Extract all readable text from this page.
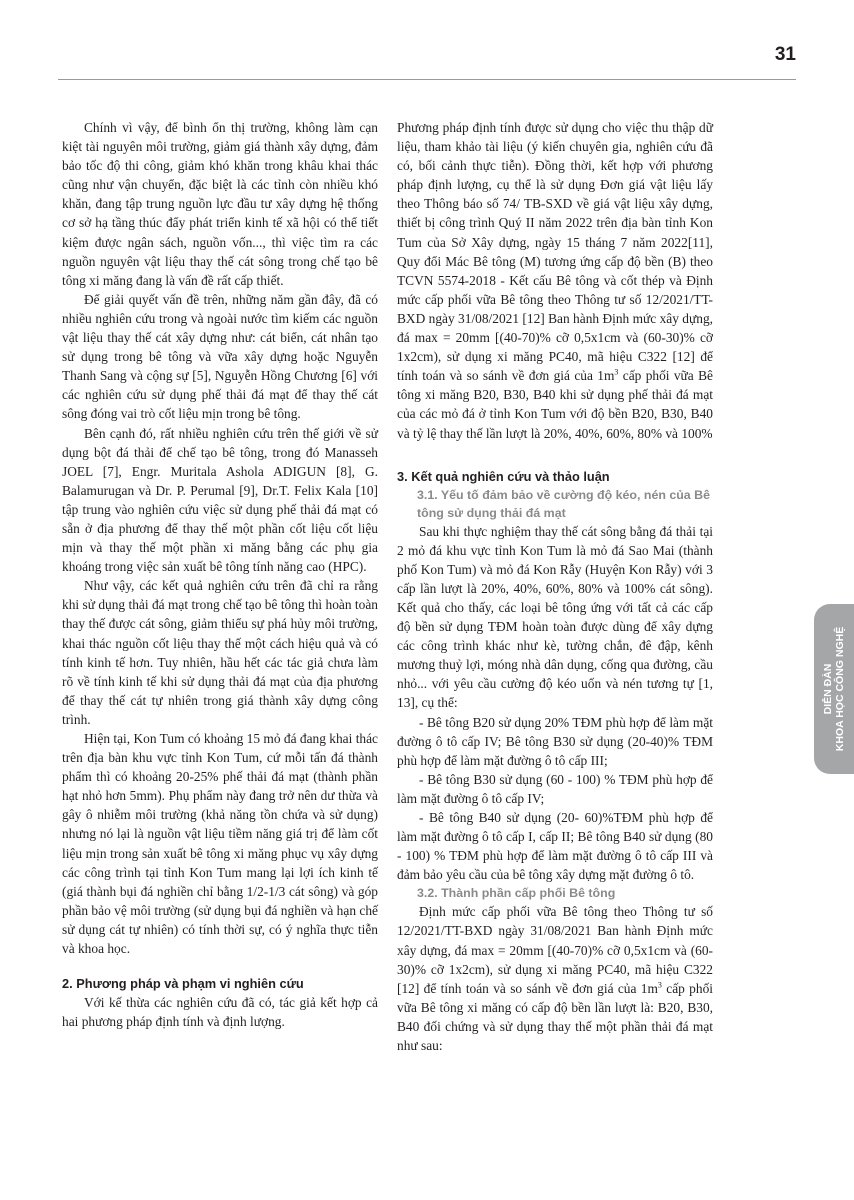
31

Chính vì vậy, để bình ổn thị trường, không làm cạn kiệt tài nguyên môi trường, giảm giá thành xây dựng, đảm bảo tốc độ thi công, giảm khó khăn trong khâu khai thác cũng như vận chuyển, đặc biệt là các tỉnh còn nhiều khó khăn, đang tập trung nguồn lực đầu tư xây dựng hệ thống cơ sở hạ tầng thúc đẩy phát triển kinh tế xã hội có thể tiết kiệm được ngân sách, nguồn vốn..., thì việc tìm ra các nguồn nguyên vật liệu thay thế cát sông trong chế tạo bê tông xi măng đang là vấn đề rất cấp thiết.

Để giải quyết vấn đề trên, những năm gần đây, đã có nhiều nghiên cứu trong và ngoài nước tìm kiếm các nguồn vật liệu thay thế cát xây dựng như: cát biển, cát nhân tạo sử dụng trong bê tông và vữa xây dựng hoặc Nguyễn Thanh Sang và cộng sự [5], Nguyễn Hồng Chương [6] với các nghiên cứu sử dụng phế thải đá mạt để thay thế cát sông đóng vai trò cốt liệu mịn trong bê tông.

Bên cạnh đó, rất nhiều nghiên cứu trên thế giới về sử dụng bột đá thải để chế tạo bê tông, trong đó Manasseh JOEL [7], Engr. Muritala Ashola ADIGUN [8], G. Balamurugan và Dr. P. Perumal [9], Dr.T. Felix Kala [10] tập trung vào nghiên cứu việc sử dụng phế thải đá mạt có sẵn ở địa phương để thay thế một phần cốt liệu cốt liệu mịn và thay thế một phần xi măng bằng các phụ gia khoáng trong việc sản xuất bê tông tính năng cao (HPC).

Như vậy, các kết quả nghiên cứu trên đã chỉ ra rằng khi sử dụng thải đá mạt trong chế tạo bê tông thì hoàn toàn thay thế được cát sông, giảm thiểu sự phá hủy môi trường, khai thác nguồn cốt liệu thay thế một cách hiệu quả và có tính kinh tế hơn. Tuy nhiên, hầu hết các tác giả chưa làm rõ về tính kinh tế khi sử dụng thải đá mạt của địa phương để thay thế cát tự nhiên trong giá thành xây dựng công trình.

Hiện tại, Kon Tum có khoảng 15 mỏ đá đang khai thác trên địa bàn khu vực tỉnh Kon Tum, cứ mỗi tấn đá thành phẩm thì có khoảng 20-25% phế thải đá mạt (thành phần hạt nhỏ hơn 5mm). Phụ phẩm này đang trở nên dư thừa và gây ô nhiễm môi trường (khả năng tồn chứa và sử dụng) nhưng nó lại là nguồn vật liệu tiềm năng giá trị để làm cốt liệu mịn trong sản xuất bê tông xi măng phục vụ xây dựng các công trình tại tỉnh Kon Tum mang lại lợi ích kinh tế (giá thành bụi đá nghiền chỉ bằng 1/2-1/3 cát sông) và góp phần bảo vệ môi trường (sử dụng bụi đá nghiền và hạn chế sử dụng cát tự nhiên) có tính thời sự, có ý nghĩa thực tiễn và khoa học.

2. Phương pháp và phạm vi nghiên cứu

Với kế thừa các nghiên cứu đã có, tác giả kết hợp cả hai phương pháp định tính và định lượng.

Phương pháp định tính được sử dụng cho việc thu thập dữ liệu, tham khảo tài liệu (ý kiến chuyên gia, nghiên cứu đã có, bối cảnh thực tiễn). Đồng thời, kết hợp với phương pháp định lượng, cụ thể là sử dụng Đơn giá vật liệu lấy theo Thông báo số 74/ TB-SXD về giá vật liệu xây dựng, thiết bị công trình Quý II năm 2022 trên địa bàn tỉnh Kon Tum của Sở Xây dựng, ngày 15 tháng 7 năm 2022[11], Quy đổi Mác Bê tông (M) tương ứng cấp độ bền (B) theo TCVN 5574-2018 - Kết cấu Bê tông và cốt thép và Định mức cấp phối vữa Bê tông theo Thông tư số 12/2021/TT-BXD ngày 31/08/2021 [12] Ban hành Định mức xây dựng, đá max = 20mm [(40-70)% cỡ 0,5x1cm và (60-30)% cỡ 1x2cm), sử dụng xi măng PC40, mã hiệu C322 [12] để tính toán và so sánh về đơn giá của $1m^3$ cấp phối vữa Bê tông xi măng B20, B30, B40 khi sử dụng phế thải đá mạt của các mỏ đá ở tỉnh Kon Tum với độ bền B20, B30, B40 và tỷ lệ thay thế lần lượt là 20%, 40%, 60%, 80% và 100%

3. Kết quả nghiên cứu và thảo luận
3.1. Yếu tố đảm bảo về cường độ kéo, nén của Bê tông sử dụng thải đá mạt

Sau khi thực nghiệm thay thế cát sông bằng đá thải tại 2 mỏ đá khu vực tỉnh Kon Tum là mỏ đá Sao Mai (thành phố Kon Tum) và mỏ đá Kon Rẫy (Huyện Kon Rẫy) với 3 cấp lần lượt là 20%, 40%, 60%, 80% và 100% cát sông). Kết quả cho thấy, các loại bê tông ứng với tất cả các cấp độ bền sử dụng TĐM hoàn toàn được dùng để xây dựng các công trình khác như kè, tường chắn, đê đập, kênh mương thuỷ lợi, móng nhà dân dụng, cống qua đường, cầu nhỏ... với yêu cầu cường độ kéo uốn và nén tương tự [1, 13], cụ thể:

- Bê tông B20 sử dụng 20% TĐM phù hợp để làm mặt đường ô tô cấp IV; Bê tông B30 sử dụng (20-40)% TĐM phù hợp để làm mặt đường ô tô cấp III;

- Bê tông B30 sử dụng (60 - 100) % TĐM phù hợp để làm mặt đường ô tô cấp IV;

- Bê tông B40 sử dụng (20- 60)%TĐM phù hợp để làm mặt đường ô tô cấp I, cấp II; Bê tông B40 sử dụng (80 - 100) % TĐM phù hợp để làm mặt đường ô tô cấp III và đảm bảo yêu cầu của bê tông xây dựng mặt đường ô tô.

3.2. Thành phần cấp phối Bê tông

Định mức cấp phối vữa Bê tông theo Thông tư số 12/2021/TT-BXD ngày 31/08/2021 Ban hành Định mức xây dựng, đá max = 20mm [(40-70)% cỡ 0,5x1cm và (60-30)% cỡ 1x2cm), sử dụng xi măng PC40, mã hiệu C322 [12] để tính toán và so sánh về đơn giá của $1m^3$ cấp phối vữa Bê tông xi măng có cấp độ bền lần lượt là: B20, B30, B40 đối chứng và sử dụng thay thế một phần thải đá mạt như sau:

DIỄN ĐÀN KHOA HỌC CÔNG NGHỆ
